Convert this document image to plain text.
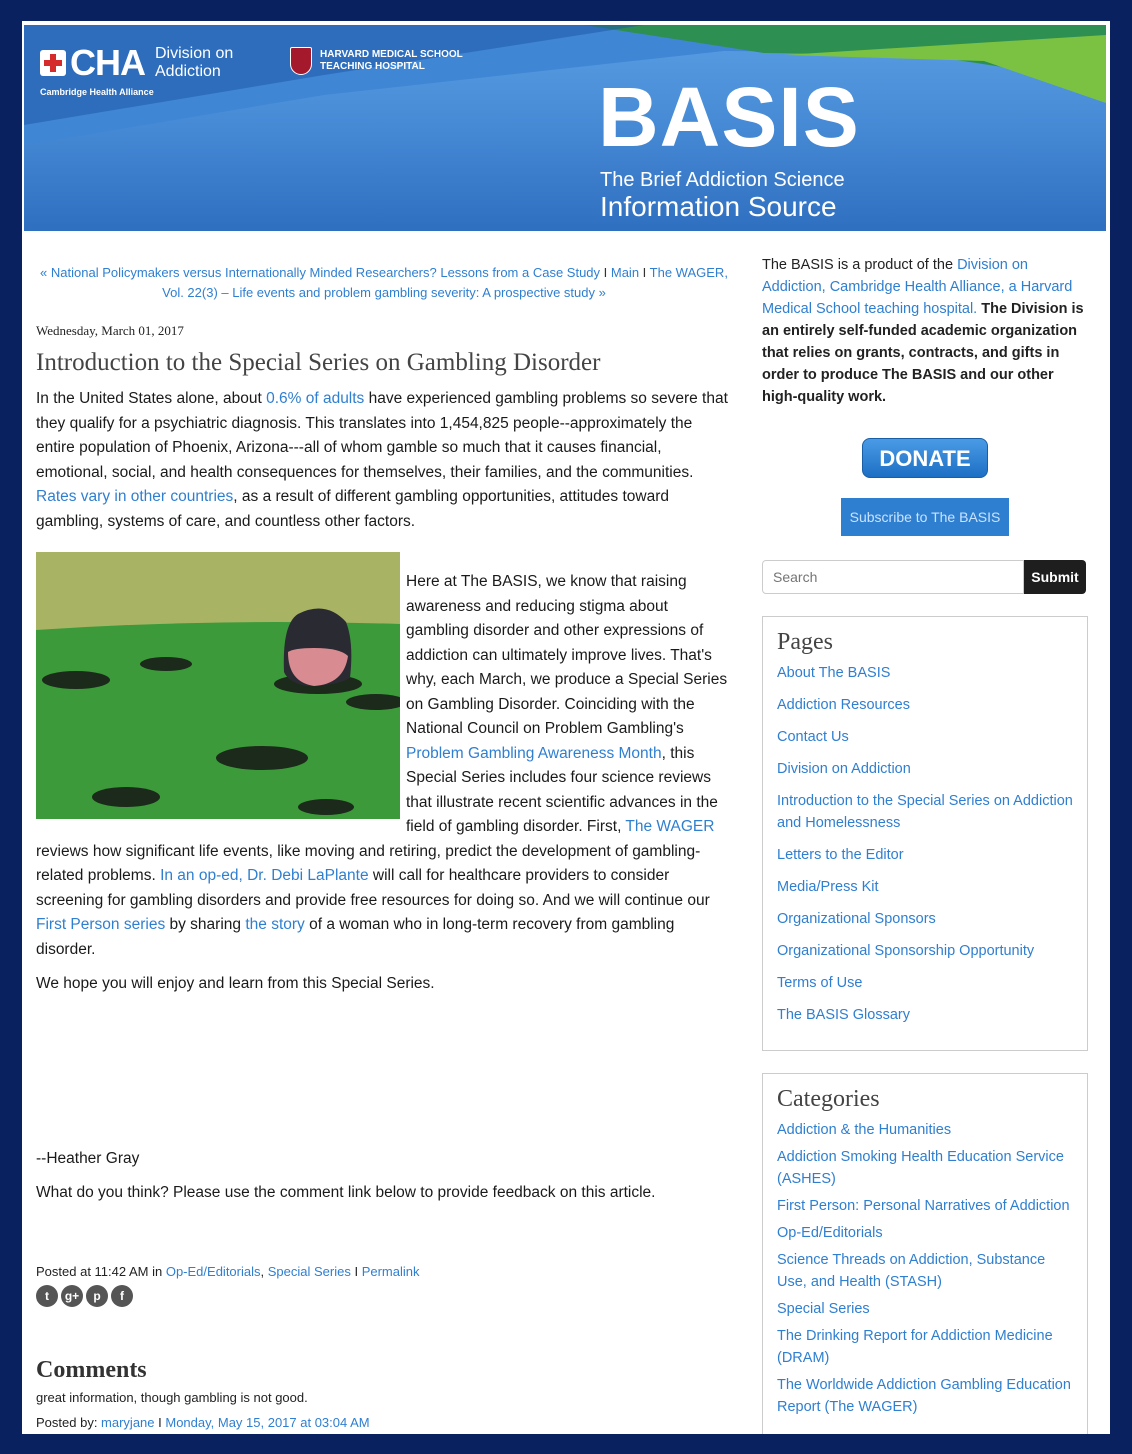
CHA Division on Addiction
Cambridge Health Alliance
HARVARD MEDICAL SCHOOL
TEACHING HOSPITAL
BASIS
The Brief Addiction Science
Information Source
« National Policymakers versus Internationally Minded Researchers? Lessons from a Case Study I Main I The WAGER, Vol. 22(3) – Life events and problem gambling severity: A prospective study »
Wednesday, March 01, 2017
Introduction to the Special Series on Gambling Disorder

In the United States alone, about 0.6% of adults have experienced gambling problems so severe that they qualify for a psychiatric diagnosis. This translates into 1,454,825 people--approximately the entire population of Phoenix, Arizona---all of whom gamble so much that it causes financial, emotional, social, and health consequences for themselves, their families, and the communities. Rates vary in other countries, as a result of different gambling opportunities, attitudes toward gambling, systems of care, and countless other factors.

Here at The BASIS, we know that raising awareness and reducing stigma about gambling disorder and other expressions of addiction can ultimately improve lives. That's why, each March, we produce a Special Series on Gambling Disorder. Coinciding with the National Council on Problem Gambling's Problem Gambling Awareness Month, this Special Series includes four science reviews that illustrate recent scientific advances in the field of gambling disorder. First, The WAGER reviews how significant life events, like moving and retiring, predict the development of gambling-related problems. In an op-ed, Dr. Debi LaPlante will call for healthcare providers to consider screening for gambling disorders and provide free resources for doing so. And we will continue our First Person series by sharing the story of a woman who in long-term recovery from gambling disorder.

We hope you will enjoy and learn from this Special Series.

--Heather Gray

What do you think? Please use the comment link below to provide feedback on this article.

Posted at 11:42 AM in Op-Ed/Editorials, Special Series I Permalink
t	g+	p	f
Comments
great information, though gambling is not good.
Posted by: maryjane I Monday, May 15, 2017 at 03:04 AM

The BASIS is a product of the Division on Addiction, Cambridge Health Alliance, a Harvard Medical School teaching hospital. The Division is an entirely self-funded academic organization that relies on grants, contracts, and gifts in order to produce The BASIS and our other high-quality work.

DONATE
Subscribe to The BASIS
Search
Submit
Pages
About The BASIS
Addiction Resources
Contact Us
Division on Addiction
Introduction to the Special Series on Addiction and Homelessness
Letters to the Editor
Media/Press Kit
Organizational Sponsors
Organizational Sponsorship Opportunity
Terms of Use
The BASIS Glossary
Categories
Addiction & the Humanities
Addiction Smoking Health Education Service (ASHES)
First Person: Personal Narratives of Addiction
Op-Ed/Editorials
Science Threads on Addiction, Substance Use, and Health (STASH)
Special Series
The Drinking Report for Addiction Medicine (DRAM)
The Worldwide Addiction Gambling Education Report (The WAGER)
